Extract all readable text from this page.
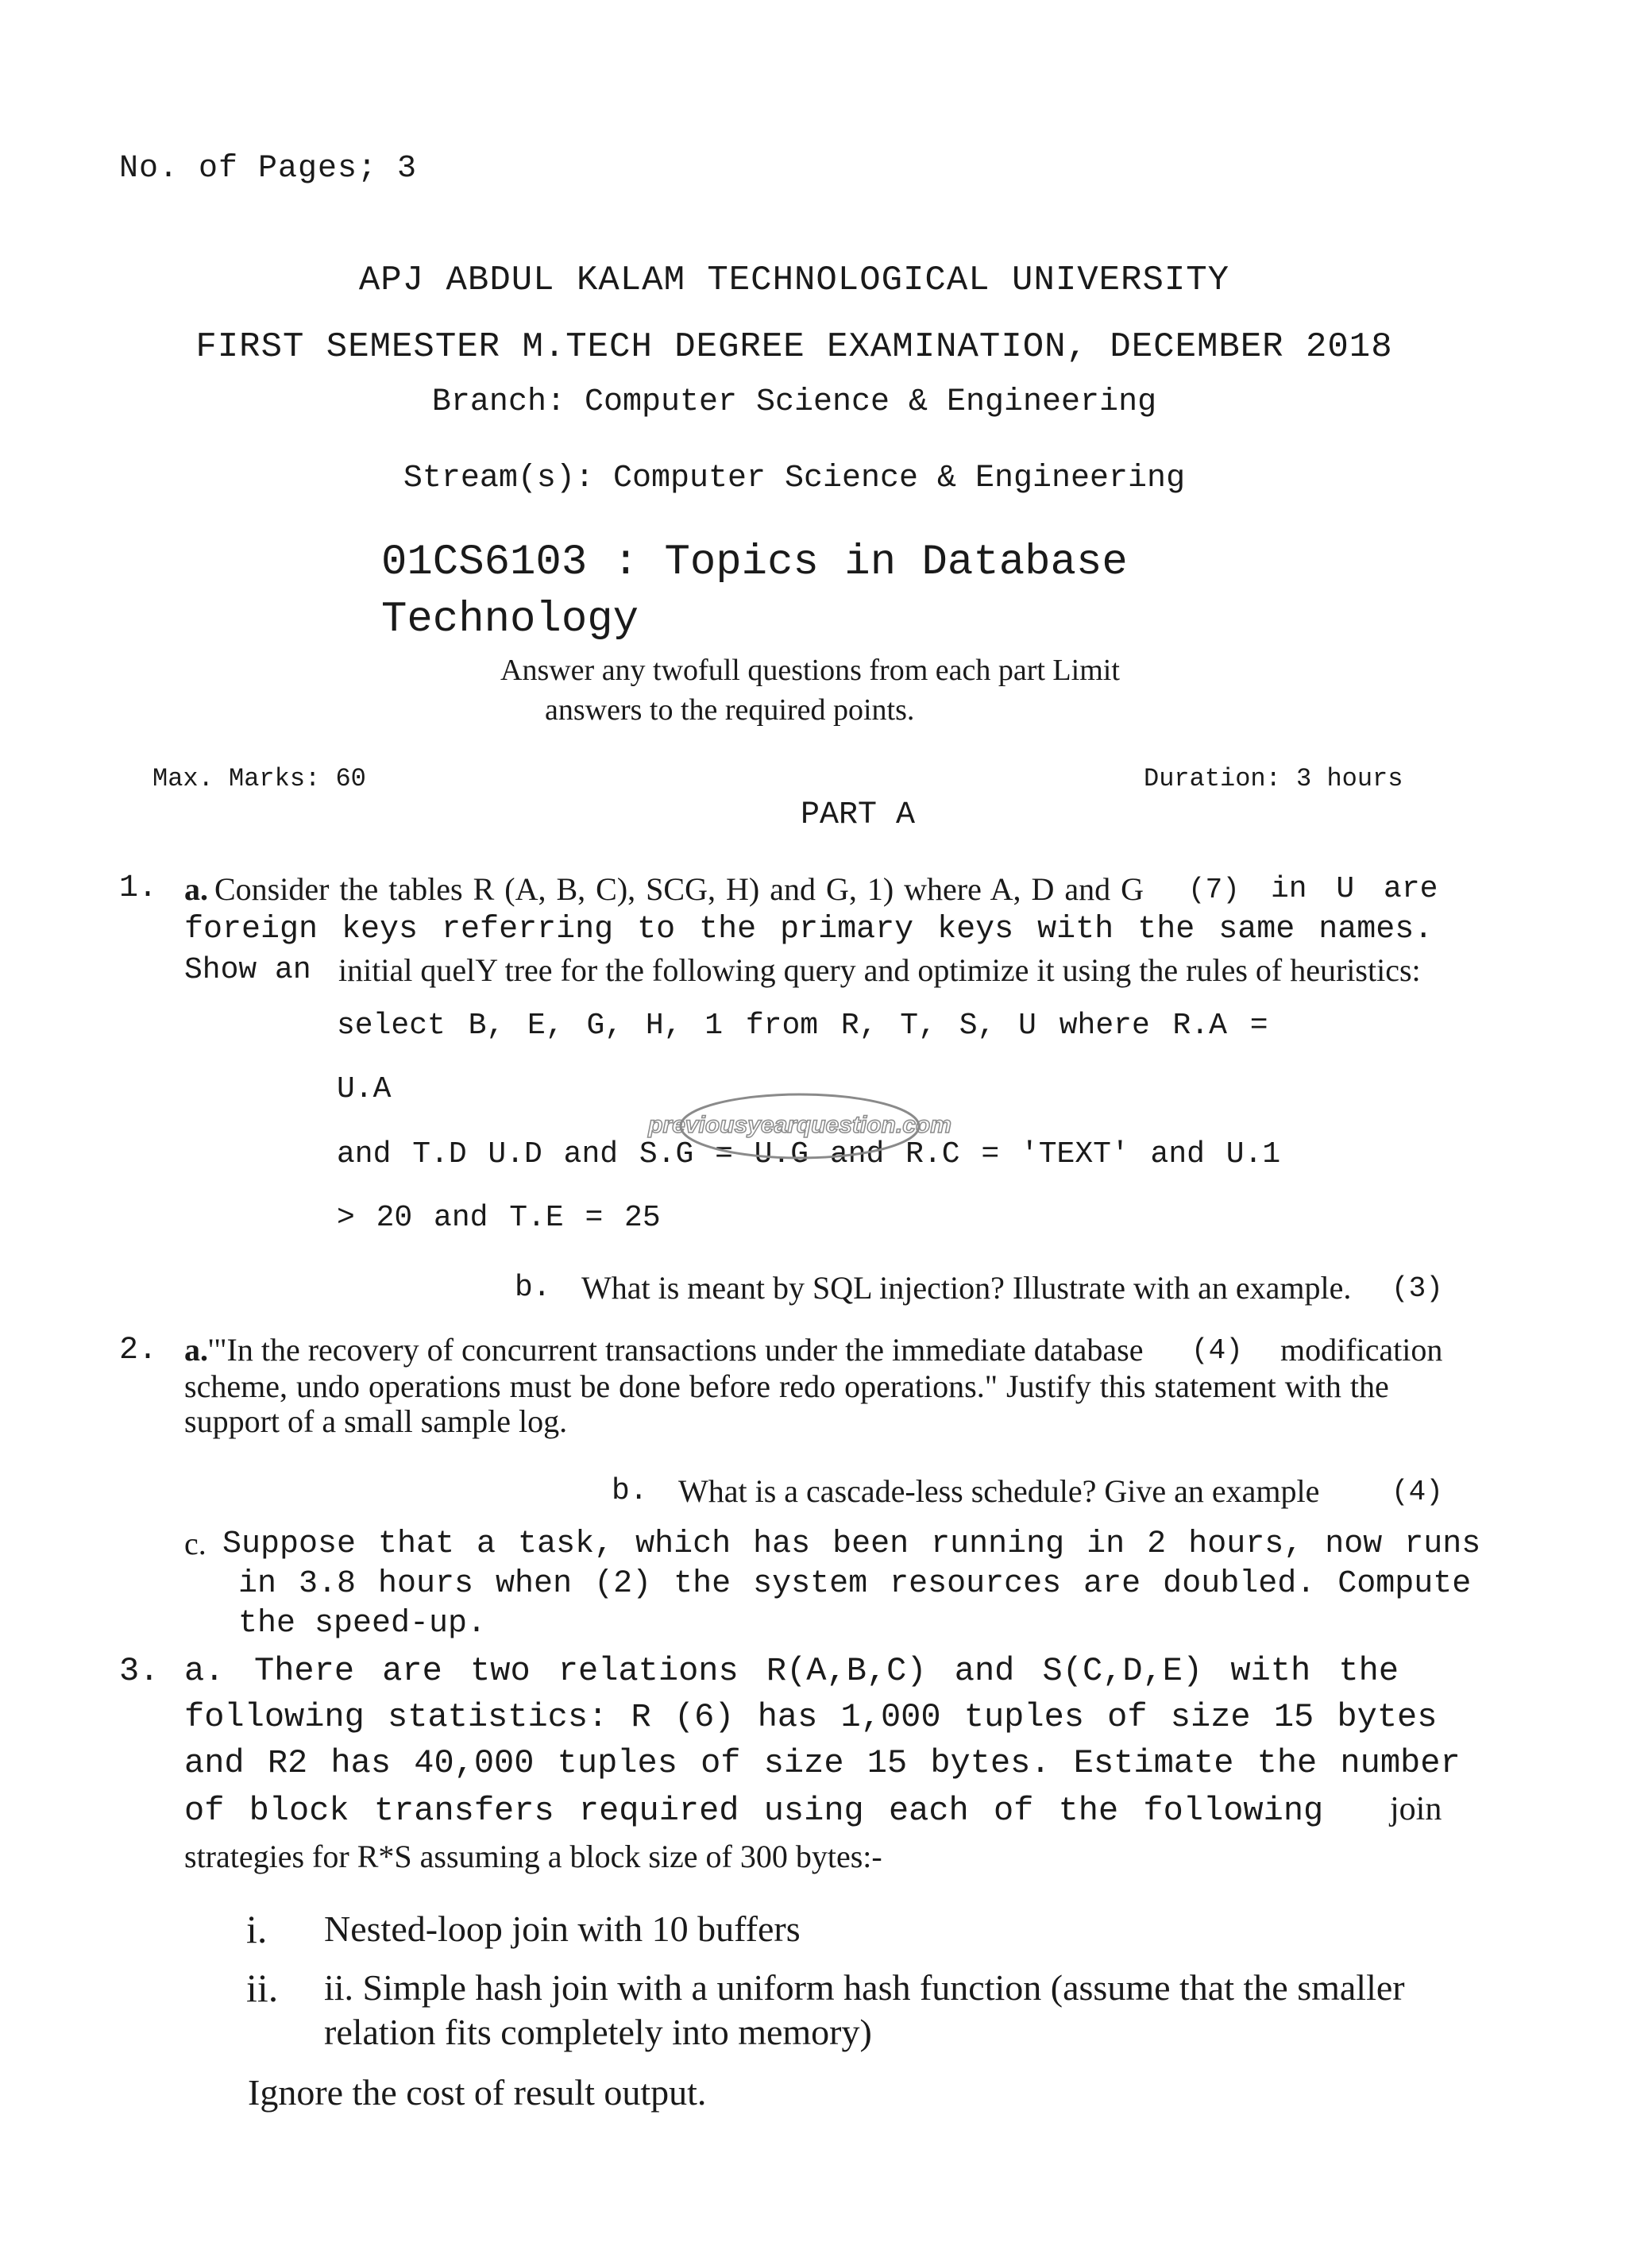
No. of Pages; 3
APJ ABDUL KALAM TECHNOLOGICAL UNIVERSITY
FIRST SEMESTER M.TECH DEGREE EXAMINATION, DECEMBER 2018
Branch: Computer Science & Engineering
Stream(s): Computer Science & Engineering
01CS6103 : Topics in Database
Technology
Answer any twofull questions from each part Limit
answers to the required points.
Max. Marks: 60	Duration: 3 hours
PART A
1. a. Consider the tables R (A, B, C), SCG, H) and G, 1) where A, D and G (7) in U are
foreign keys referring to the primary keys with the same names.
Show an initial quelY tree for the following query and optimize it using the rules of heuristics:
select B, E, G, H, 1 from R, T, S, U where R.A =
U.A
and T.D U.D and S.G = U.G and R.C = 'TEXT' and U.1
> 20 and T.E = 25
previousyearquestion.com
b. What is meant by SQL injection? Illustrate with an example. (3)
2. a. '"In the recovery of concurrent transactions under the immediate database (4) modification
scheme, undo operations must be done before redo operations." Justify this statement with the
support of a small sample log.
b. What is a cascade-less schedule? Give an example	(4)
c. Suppose that a task, which has been running in 2 hours, now runs
in 3.8 hours when (2) the system resources are doubled. Compute
the speed-up.
3. a. There are two relations R(A,B,C) and S(C,D,E) with the
following statistics: R (6) has 1,000 tuples of size 15 bytes
and R2 has 40,000 tuples of size 15 bytes. Estimate the number
of block transfers required using each of the following join
strategies for R*S assuming a block size of 300 bytes:-
i. Nested-loop join with 10 buffers
ii. ii. Simple hash join with a uniform hash function (assume that the smaller
relation fits completely into memory)
Ignore the cost of result output.
